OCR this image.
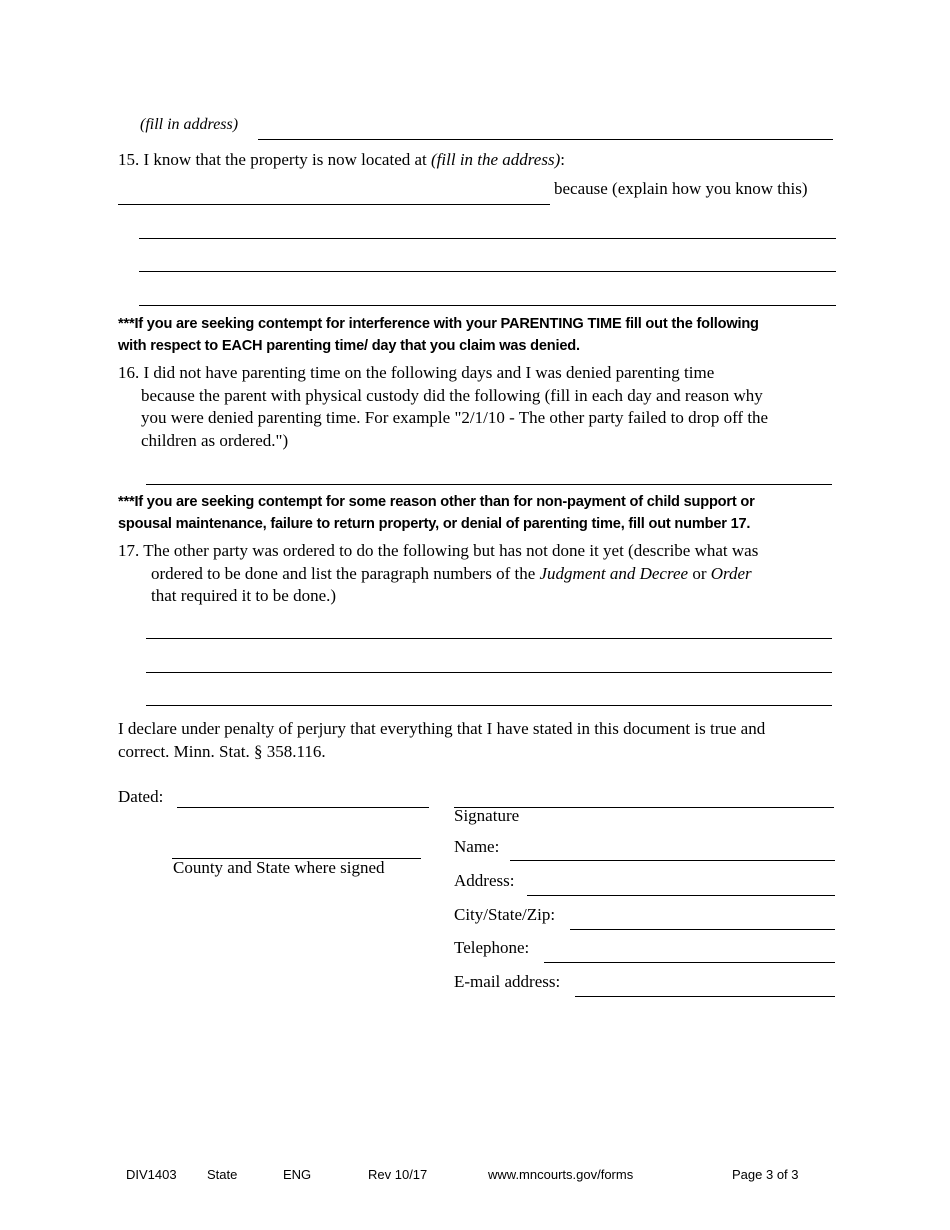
(fill in address)
15. I know that the property is now located at (fill in the address):
because (explain how you know this)
***If you are seeking contempt for interference with your PARENTING TIME fill out the following
with respect to EACH parenting time/ day that you claim was denied.
16. I did not have parenting time on the following days and I was denied parenting time
because the parent with physical custody did the following (fill in each day and reason why
you were denied parenting time. For example "2/1/10 - The other party failed to drop off the
children as ordered.")
***If you are seeking contempt for some reason other than for non-payment of child support or
spousal maintenance, failure to return property, or denial of parenting time, fill out number 17.
17. The other party was ordered to do the following but has not done it yet (describe what was
ordered to be done and list the paragraph numbers of the Judgment and Decree or Order
that required it to be done.)
I declare under penalty of perjury that everything that I have stated in this document is true and
correct. Minn. Stat. § 358.116.
Dated:
County and State where signed
Signature
Name:
Address:
City/State/Zip:
Telephone:
E-mail address:
DIV1403 State	ENG	Rev 10/17	www.mncourts.gov/forms	Page 3 of 3
